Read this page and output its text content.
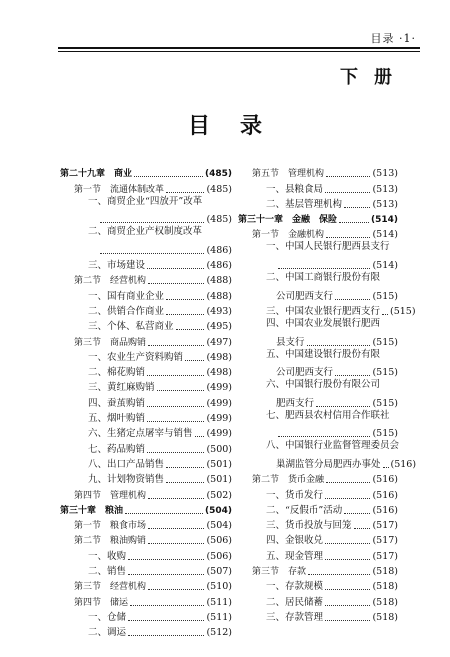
目录 ·1·
下册
目录
第二十九章　商业	(485)
第一节　流通体制改革	(485)
一、商贸企业“四放开”改革
(485)
二、商贸企业产权制度改革
(486)
三、市场建设	(486)
第二节　经营机构	(488)
一、国有商业企业	(488)
二、供销合作商业	(493)
三、个体、私营商业	(495)
第三节　商品购销	(497)
一、农业生产资料购销 (498)
二、棉花购销	(498)
三、黄红麻购销	(499)
四、蚕茧购销	(499)
五、烟叶购销	(499)
六、生猪定点屠宰与销售 (499)
七、药品购销	(500)
八、出口产品销售	(501)
九、计划物资销售	(501)
第四节　管理机构	(502)
第三十章　粮油	(504)
第一节　粮食市场	(504)
第二节　粮油购销	(506)
一、收购	(506)
二、销售	(507)
第三节　经营机构	(510)
第四节　储运	(511)
一、仓储	(511)
二、调运	(512)
第五节　管理机构	(513)
一、县粮食局	(513)
二、基层管理机构	(513)
第三十一章　金融　保险	(514)
第一节　金融机构	(514)
一、中国人民银行肥西县支行
(514)
二、中国工商银行股份有限
公司肥西支行	(515)
三、中国农业银行肥西支行 (515)
四、中国农业发展银行肥西
县支行	(515)
五、中国建设银行股份有限
公司肥西支行	(515)
六、中国银行股份有限公司
肥西支行	(515)
七、肥西县农村信用合作联社
(515)
八、中国银行业监督管理委员会
巢湖监管分局肥西办事处 (516)
第二节　货币金融	(516)
一、货币发行	(516)
二、“反假币”活动	(516)
三、货币投放与回笼 (517)
四、金银收兑	(517)
五、现金管理	(517)
第三节　存款	(518)
一、存款规模	(518)
二、居民储蓄	(518)
三、存款管理	(518)
